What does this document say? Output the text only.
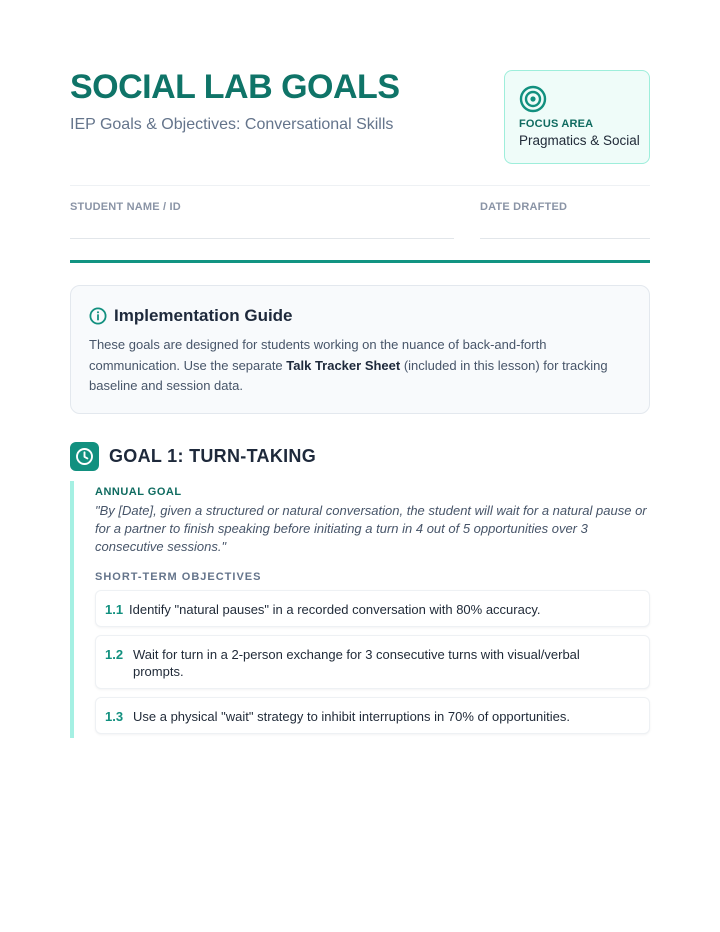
SOCIAL LAB GOALS
IEP Goals & Objectives: Conversational Skills	FOCUS AREA
Pragmatics & Social
STUDENT NAME / ID	DATE DRAFTED
Implementation Guide
These goals are designed for students working on the nuance of back-and-forth communication. Use the separate Talk Tracker Sheet (included in this lesson) for tracking baseline and session data.
GOAL 1: TURN-TAKING
ANNUAL GOAL
"By [Date], given a structured or natural conversation, the student will wait for a natural pause or for a partner to finish speaking before initiating a turn in 4 out of 5 opportunities over 3 consecutive sessions."
SHORT-TERM OBJECTIVES
1.1 Identify "natural pauses" in a recorded conversation with 80% accuracy.
1.2 Wait for turn in a 2-person exchange for 3 consecutive turns with visual/verbal prompts.
1.3 Use a physical "wait" strategy to inhibit interruptions in 70% of opportunities.
